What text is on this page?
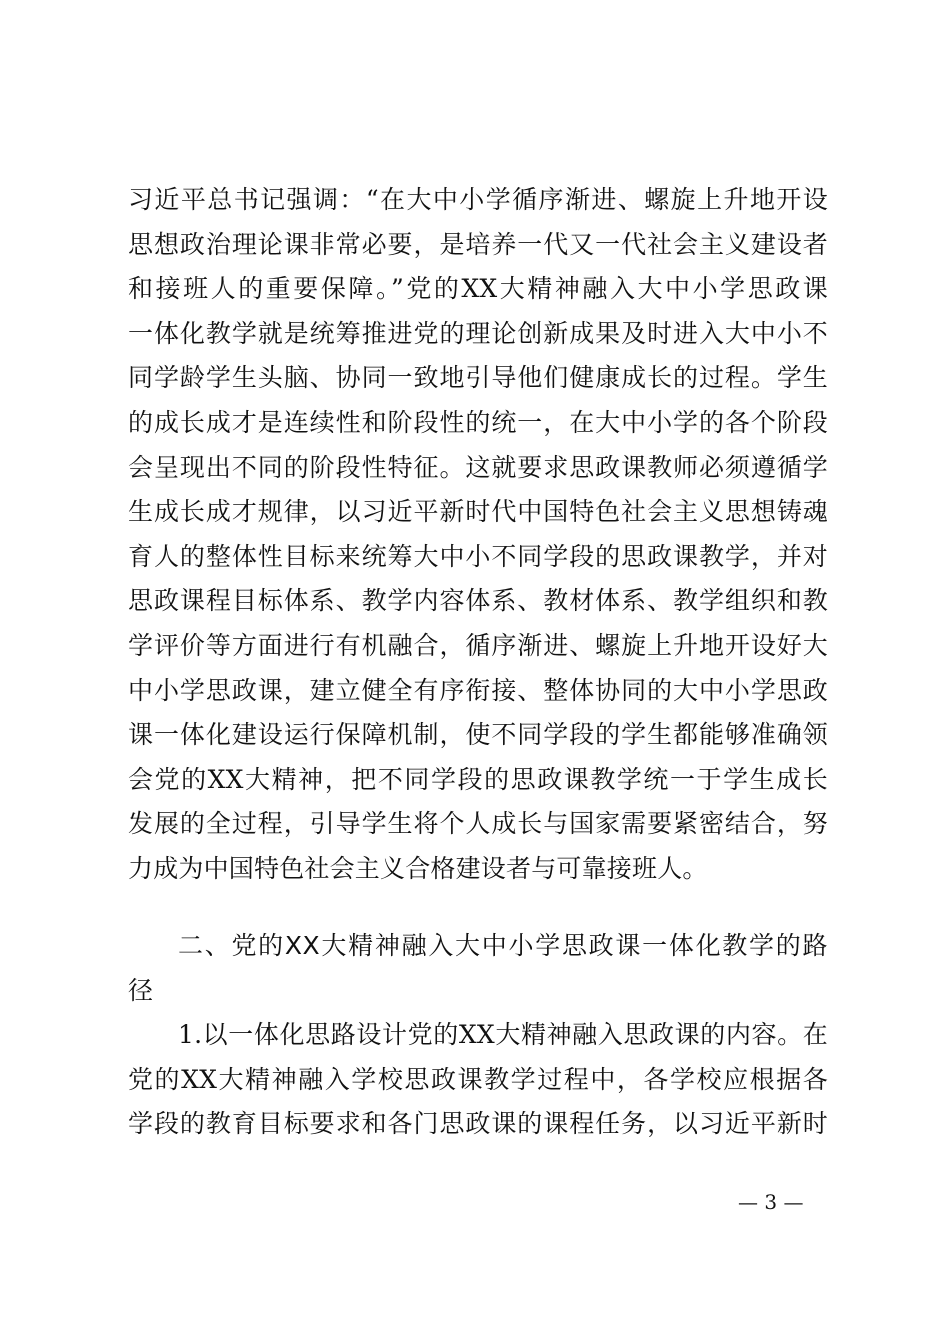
习近平总书记强调：“在大中小学循序渐进、螺旋上升地开设
思想政治理论课非常必要，是培养一代又一代社会主义建设者
和接班人的重要保障。”党的XX大精神融入大中小学思政课
一体化教学就是统筹推进党的理论创新成果及时进入大中小不
同学龄学生头脑、协同一致地引导他们健康成长的过程。学生
的成长成才是连续性和阶段性的统一，在大中小学的各个阶段
会呈现出不同的阶段性特征。这就要求思政课教师必须遵循学
生成长成才规律，以习近平新时代中国特色社会主义思想铸魂
育人的整体性目标来统筹大中小不同学段的思政课教学，并对
思政课程目标体系、教学内容体系、教材体系、教学组织和教
学评价等方面进行有机融合，循序渐进、螺旋上升地开设好大
中小学思政课，建立健全有序衔接、整体协同的大中小学思政
课一体化建设运行保障机制，使不同学段的学生都能够准确领
会党的XX大精神，把不同学段的思政课教学统一于学生成长
发展的全过程，引导学生将个人成长与国家需要紧密结合，努
力成为中国特色社会主义合格建设者与可靠接班人。
二、党的XX大精神融入大中小学思政课一体化教学的路
径
1.以一体化思路设计党的XX大精神融入思政课的内容。在
党的XX大精神融入学校思政课教学过程中，各学校应根据各
学段的教育目标要求和各门思政课的课程任务，以习近平新时
— 3 —
